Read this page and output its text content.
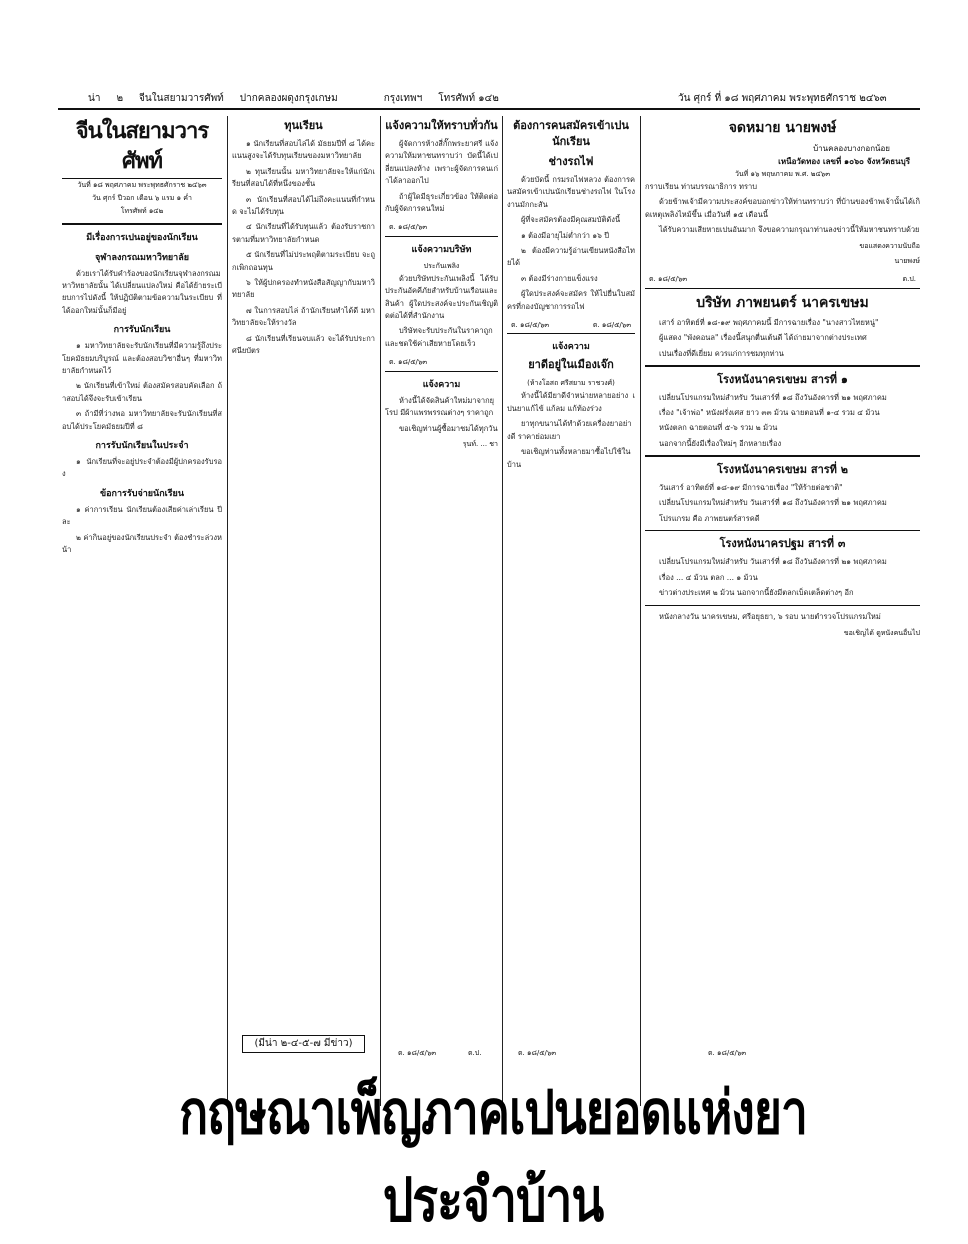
น่า ๒ จีนในสยามวารศัพท์ ปากคลองผดุงกรุงเกษม	กรุงเทพฯ โทรศัพท์ ๑๔๒	วัน ศุกร์ ที่ ๑๘ พฤศภาคม พระพุทธศักราช ๒๔๖๓
จีนในสยามวารศัพท์
วันที่ ๑๘ พฤศภาคม พระพุทธศักราช ๒๔๖๓
วัน ศุกร์ ปีวอก เดือน ๖ แรม ๑ ค่ำ
โทรศัพท์ ๑๔๒
มีเรื่องการเปนอยู่ของนักเรียน
จุฬาลงกรณมหาวิทยาลัย

ด้วยเราได้รับคำร้องของนักเรียนจุฬาลงกรณมหาวิทยาลัยนั้น ได้เปลี่ยนแปลงใหม่ คือได้ย้ายระเบียบการไปดังนี้ ให้ปฏิบัติตามข้อความในระเบียบ ที่ได้ออกใหม่นั้นก็มีอยู่

การรับนักเรียน

๑ มหาวิทยาลัยจะรับนักเรียนที่มีความรู้ถึงประโยคมัธยมบริบูรณ์ และต้องสอบวิชาอื่นๆ ที่มหาวิทยาลัยกำหนดไว้

๒ นักเรียนที่เข้าใหม่ ต้องสมัครสอบคัดเลือก ถ้าสอบได้จึงจะรับเข้าเรียน

๓ ถ้ามีที่ว่างพอ มหาวิทยาลัยจะรับนักเรียนที่สอบได้ประโยคมัธยมปีที่ ๘

การรับนักเรียนในประจำ

๑ นักเรียนที่จะอยู่ประจำต้องมีผู้ปกครองรับรอง

ข้อการรับจ่ายนักเรียน

๑ ค่าการเรียน นักเรียนต้องเสียค่าเล่าเรียน ปีละ

๒ ค่ากินอยู่ของนักเรียนประจำ ต้องชำระล่วงหน้า

ทุนเรียน

๑ นักเรียนที่สอบไล่ได้ มัธยมปีที่ ๘ ได้คะแนนสูงจะได้รับทุนเรียนของมหาวิทยาลัย

๒ ทุนเรียนนั้น มหาวิทยาลัยจะให้แก่นักเรียนที่สอบได้ที่หนึ่งของชั้น

๓ นักเรียนที่สอบได้ไม่ถึงคะแนนที่กำหนด จะไม่ได้รับทุน

๔ นักเรียนที่ได้รับทุนแล้ว ต้องรับราชการตามที่มหาวิทยาลัยกำหนด

๕ นักเรียนที่ไม่ประพฤติตามระเบียบ จะถูกเพิกถอนทุน

๖ ให้ผู้ปกครองทำหนังสือสัญญากับมหาวิทยาลัย

๗ ในการสอบไล่ ถ้านักเรียนทำได้ดี มหาวิทยาลัยจะให้รางวัล

๘ นักเรียนที่เรียนจบแล้ว จะได้รับประกาศนียบัตร

(มีน่า ๒-๔-๕-๗ มีข่าว)
แจ้งความให้ทราบทั่วกัน

ผู้จัดการห้างสี่กั๊กพระยาศรี แจ้งความให้มหาชนทราบว่า บัดนี้ได้เปลี่ยนแปลงห้าง เพราะผู้จัดการคนเก่าได้ลาออกไป

ถ้าผู้ใดมีธุระเกี่ยวข้อง ให้ติดต่อกับผู้จัดการคนใหม่

ต. ๑๘/๕/๖๓
แจ้งความบริษัท
ประกันเพลิง

ด้วยบริษัทประกันเพลิงนี้ ได้รับประกันอัคคีภัยสำหรับบ้านเรือนและสินค้า ผู้ใดประสงค์จะประกันเชิญติดต่อได้ที่สำนักงาน

บริษัทจะรับประกันในราคาถูก และชดใช้ค่าเสียหายโดยเร็ว

ต. ๑๘/๕/๖๓
แจ้งความ

ห้างนี้ได้จัดสินค้าใหม่มาจากยุโรป มีผ้าแพรพรรณต่างๆ ราคาถูก

ขอเชิญท่านผู้ซื้อมาชมได้ทุกวัน

รุนท์. ... ชา
ต้องการคนสมัครเข้าเปนนักเรียน
ช่างรถไฟ

ด้วยบัดนี้ กรมรถไฟหลวง ต้องการคนสมัครเข้าเปนนักเรียนช่างรถไฟ ในโรงงานมักกะสัน

ผู้ที่จะสมัครต้องมีคุณสมบัติดังนี้

๑ ต้องมีอายุไม่ต่ำกว่า ๑๖ ปี

๒ ต้องมีความรู้อ่านเขียนหนังสือไทยได้

๓ ต้องมีร่างกายแข็งแรง

ผู้ใดประสงค์จะสมัคร ให้ไปยื่นใบสมัครที่กองบัญชาการรถไฟ

ต. ๑๘/๕/๖๓	ต. ๑๘/๕/๖๓
แจ้งความ
ยาดีอยู่ในเมืองเจ๊ก
(ห้างโอสถ ศรีสยาม ราชวงศ์)

ห้างนี้ได้มียาดีจำหน่ายหลายอย่าง เปนยาแก้ไข้ แก้ลม แก้ท้องร่วง

ยาทุกขนานได้ทำด้วยเครื่องยาอย่างดี ราคาย่อมเยา

ขอเชิญท่านทั้งหลายมาซื้อไปใช้ในบ้าน

จดหมาย นายพงษ์
บ้านคลองบางกอกน้อย
เหนือวัดทอง เลขที่ ๑๐๖๐ จังหวัดธนบุรี
วันที่ ๑๖ พฤษภาคม พ.ศ. ๒๔๖๓
กราบเรียน ท่านบรรณาธิการ ทราบ

ด้วยข้าพเจ้ามีความประสงค์ขอบอกข่าวให้ท่านทราบว่า ที่บ้านของข้าพเจ้านั้นได้เกิดเหตุเพลิงไหม้ขึ้น เมื่อวันที่ ๑๕ เดือนนี้

ได้รับความเสียหายเปนอันมาก จึงขอความกรุณาท่านลงข่าวนี้ให้มหาชนทราบด้วย

ขอแสดงความนับถือ
นายพงษ์
ต. ๑๘/๕/๖๓	ต.ป.
บริษัท ภาพยนตร์ นาครเขษม

เสาร์ อาทิตย์ที่ ๑๘-๑๙ พฤศภาคมนี้ มีการฉายเรื่อง "นางสาวไทยหนู่"

ผู้แสดง "พังคอนล" เรื่องนี้สนุกตื่นเต้นดี ได้ถ่ายมาจากต่างประเทศ

เปนเรื่องที่ดีเยี่ยม ควรแก่การชมทุกท่าน

โรงหนังนาครเขษม สารที่ ๑

เปลี่ยนโปรแกรมใหม่สำหรับ วันเสาร์ที่ ๑๘ ถึงวันอังคารที่ ๒๑ พฤศภาคม

เรื่อง "เจ้าพ่อ" หนังฝรั่งเศส ยาว ๓๓ ม้วน ฉายตอนที่ ๑-๔ รวม ๔ ม้วน

หนังตลก ฉายตอนที่ ๕-๖ รวม ๒ ม้วน

นอกจากนี้ยังมีเรื่องใหม่ๆ อีกหลายเรื่อง

โรงหนังนาครเขษม สารที่ ๒

วันเสาร์ อาทิตย์ที่ ๑๘-๑๙ มีการฉายเรื่อง "ให้ร้ายต่อชาติ"

เปลี่ยนโปรแกรมใหม่สำหรับ วันเสาร์ที่ ๑๘ ถึงวันอังคารที่ ๒๑ พฤศภาคม

โปรแกรม คือ ภาพยนตร์สารคดี

โรงหนังนาครปฐม สารที่ ๓

เปลี่ยนโปรแกรมใหม่สำหรับ วันเสาร์ที่ ๑๘ ถึงวันอังคารที่ ๒๑ พฤศภาคม

เรื่อง ... ๔ ม้วน ตลก ... ๑ ม้วน

ข่าวต่างประเทศ ๒ ม้วน นอกจากนี้ยังมีตลกเบ็ดเตล็ดต่างๆ อีก

หนังกลางวัน นาครเขษม, ศรีอยุธยา, ๖ รอบ นายตำรวจโปรแกรมใหม่

ขอเชิญได้ ดูหนังคนอื่นไป
ต. ๑๘/๕/๖๓	ต.ป.	ต. ๑๘/๕/๖๓	ต. ๑๘/๕/๖๓
กฤษณาเพ็ญภาคเปนยอดแห่งยาประจำบ้าน
